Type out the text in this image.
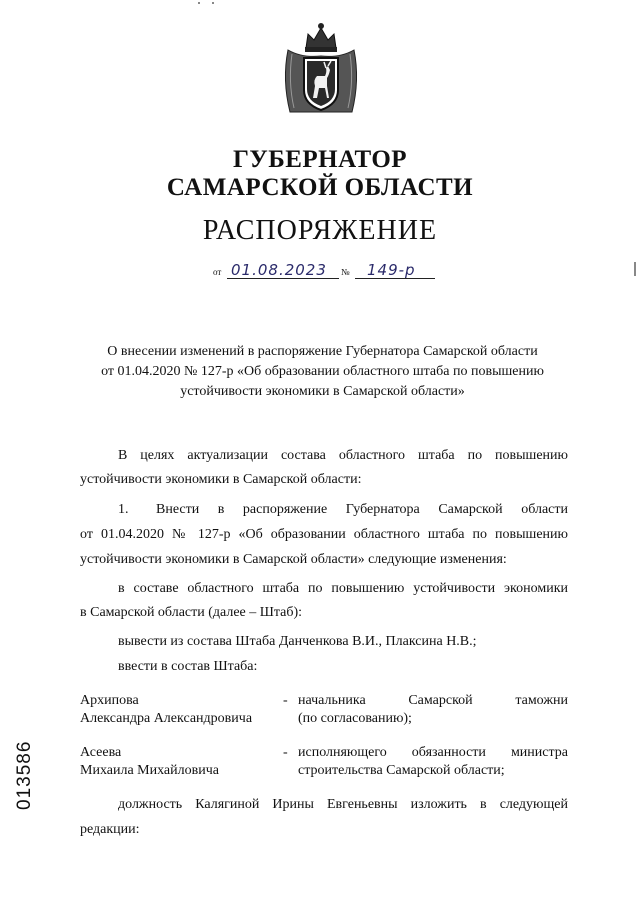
ГУБЕРНАТОР
САМАРСКОЙ ОБЛАСТИ
РАСПОРЯЖЕНИЕ
от 01.08.2023 № 149-р
О внесении изменений в распоряжение Губернатора Самарской области
от 01.04.2020 № 127-р «Об образовании областного штаба по повышению
устойчивости экономики в Самарской области»
В целях актуализации состава областного штаба по повышению
устойчивости экономики в Самарской области:
1. Внести в распоряжение Губернатора Самарской области
от 01.04.2020 № 127-р «Об образовании областного штаба по повышению
устойчивости экономики в Самарской области» следующие изменения:
в составе областного штаба по повышению устойчивости экономики
в Самарской области (далее – Штаб):
вывести из состава Штаба Данченкова В.И., Плаксина Н.В.;
ввести в состав Штаба:
Архипова
Александра Александровича
- начальника Самарской таможни
(по согласованию);
Асеева
Михаила Михайловича
- исполняющего обязанности министра
строительства Самарской области;
должность Калягиной Ирины Евгеньевны изложить в следующей
редакции:
013586
